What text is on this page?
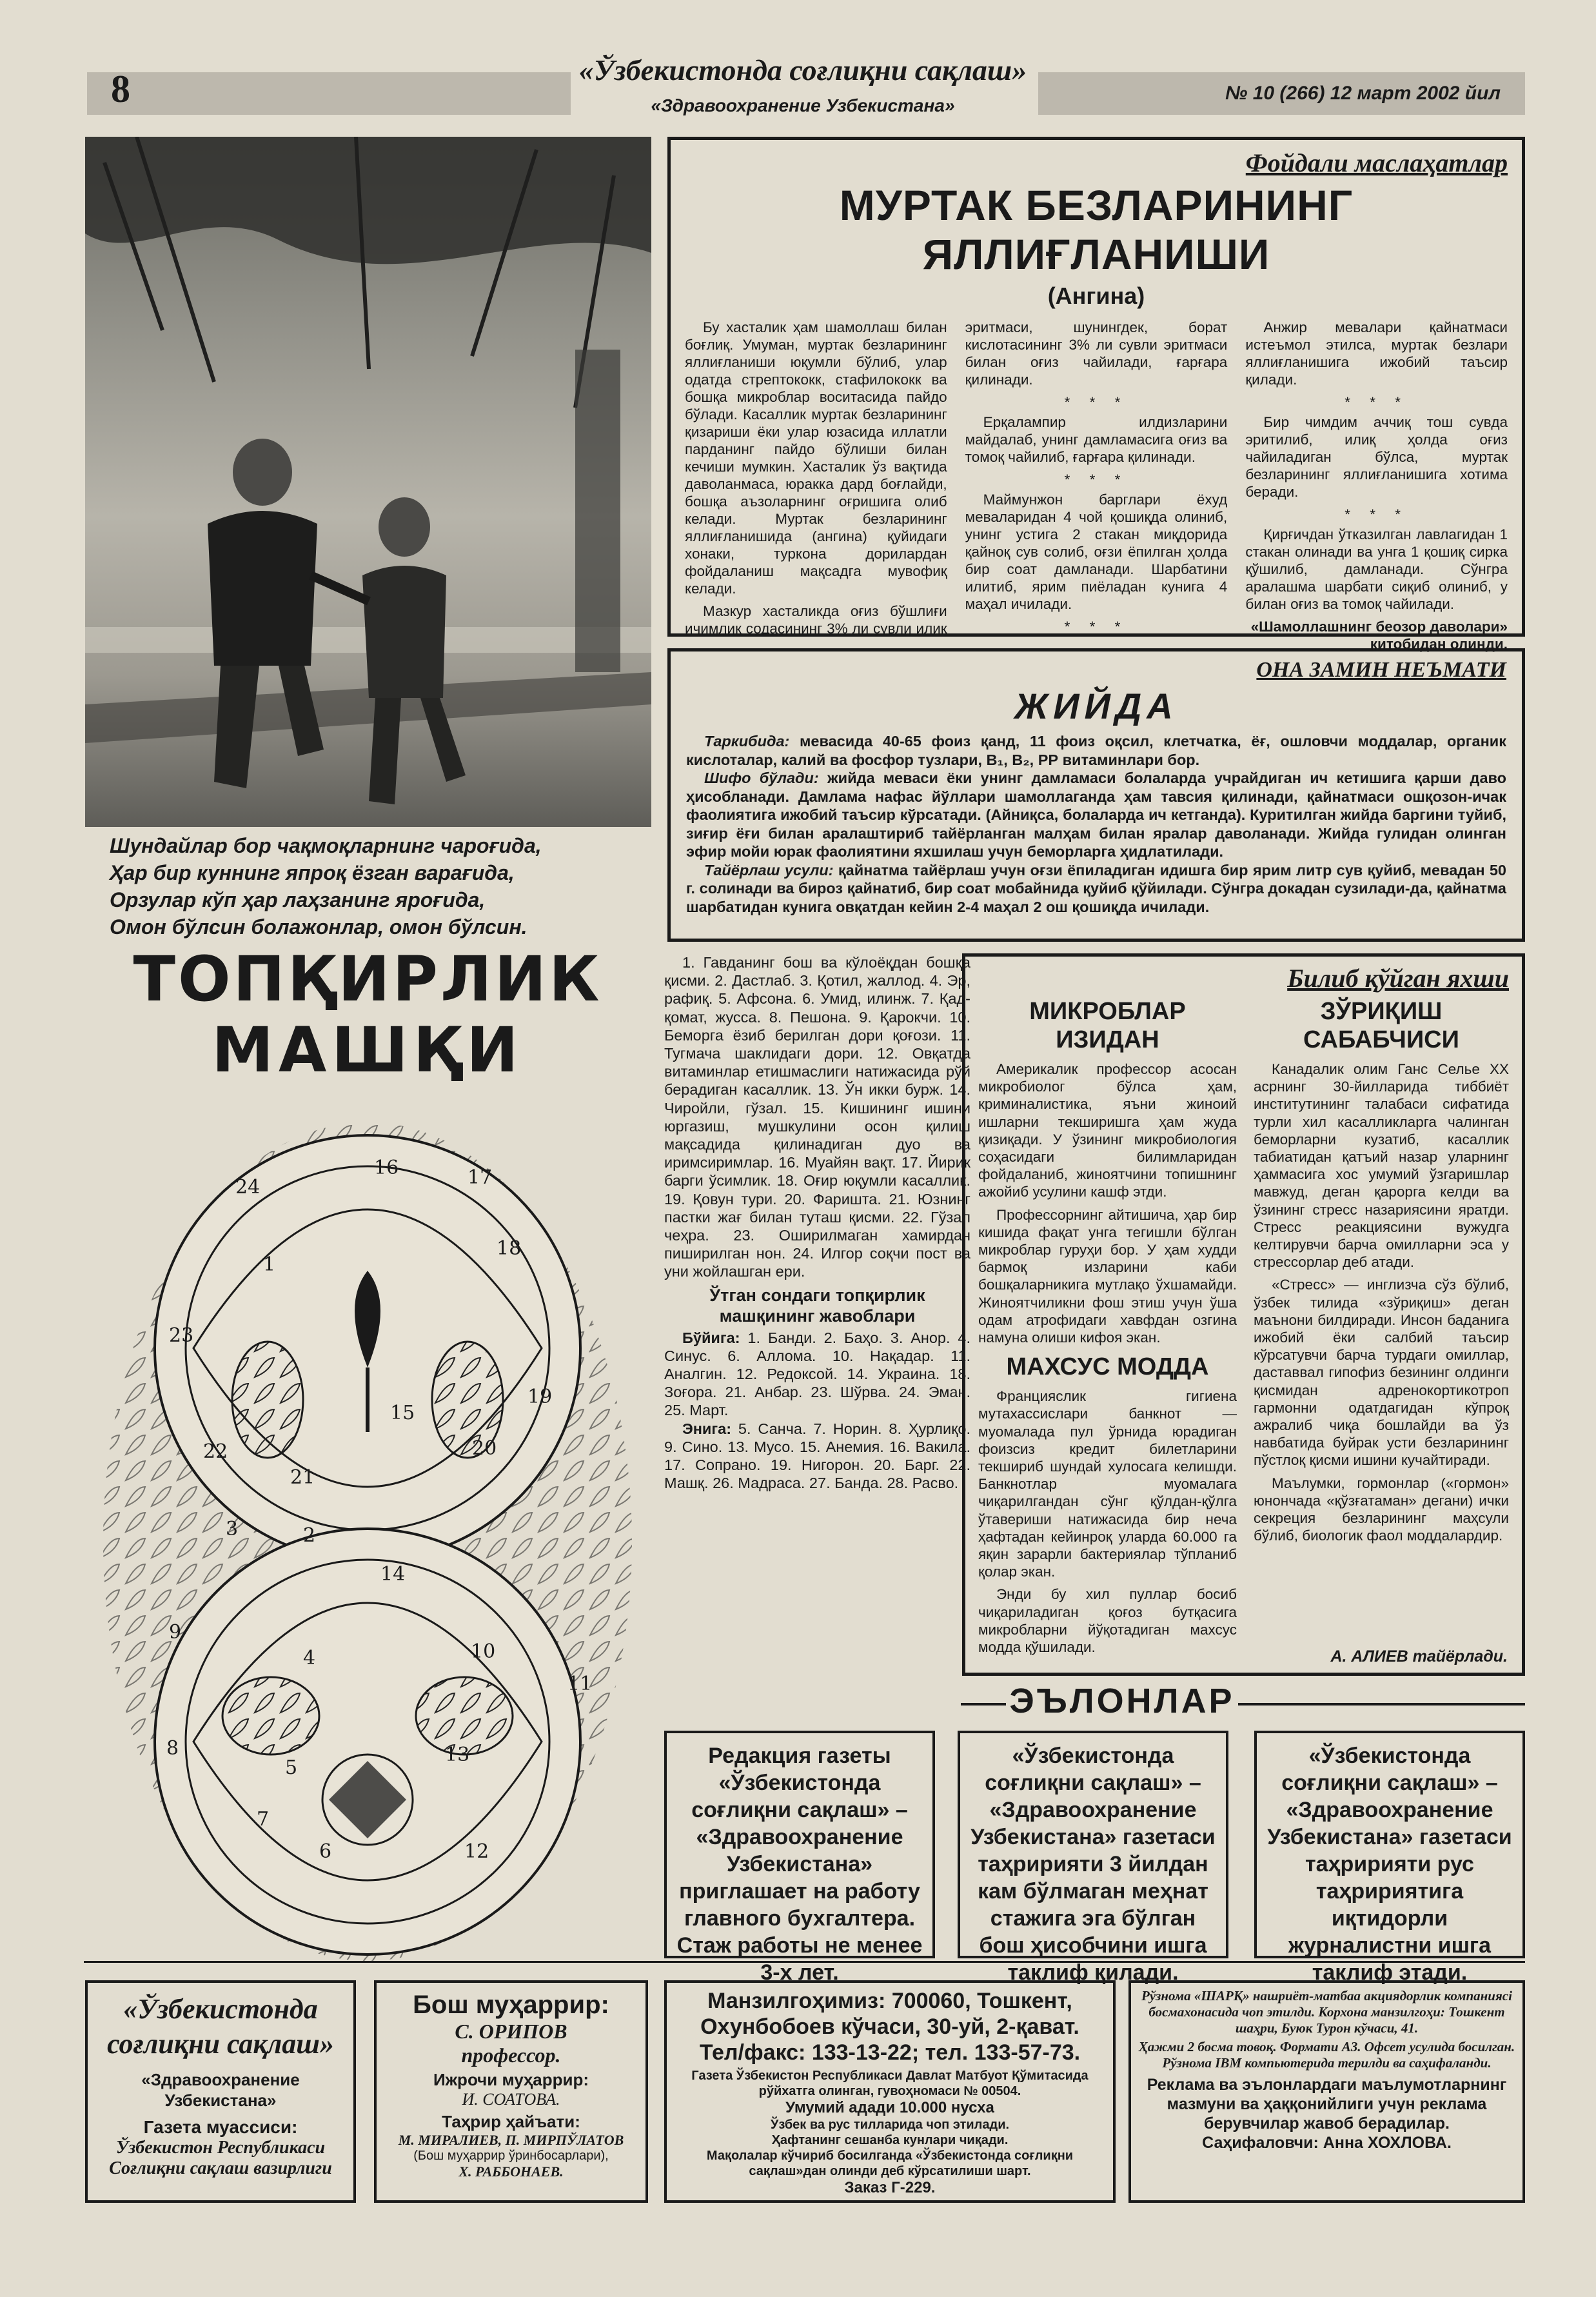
8	«Ўзбекистонда соғлиқни сақлаш»
«Здравоохранение Узбекистана»
№ 10 (266) 12 март 2002 йил
Шундайлар бор чақмоқларнинг чароғида,
Ҳар бир куннинг япроқ ёзган варағида,
Орзулар кўп ҳар лаҳзанинг яроғида,
Омон бўлсин болажонлар, омон бўлсин.
Фойдали маслаҳатлар
МУРТАК БЕЗЛАРИНИНГ ЯЛЛИҒЛАНИШИ
(Ангина)

Бу хасталик ҳам шамоллаш билан боғлиқ. Умуман, муртак безларининг яллиғланиши юқумли бўлиб, улар одатда стрептококк, стафилококк ва бошқа микроблар воситасида пайдо бўлади. Касаллик муртак безларининг қизариши ёки улар юзасида иллатли парданинг пайдо бўлиши билан кечиши мумкин. Хасталик ўз вақтида даволанмаса, юракка дард боғлайди, бошқа аъзоларнинг оғришига олиб келади. Муртак безларининг яллиғланишида (ангина) қуйидаги хонаки, туркона дорилардан фойдаланиш мақсадга мувофиқ келади.

Мазкур хасталикда оғиз бўшлиғи ичимлик содасининг 3% ли сувли илиқ эритмаси, шунингдек, борат кислотасининг 3% ли сувли эритмаси билан оғиз чайилади, ғарғара қилинади.

* * *

Ерқалампир илдизларини майдалаб, унинг дамламасига оғиз ва томоқ чайилиб, ғарғара қилинади.

* * *

Маймунжон барглари ёхуд меваларидан 4 чой қошиқда олиниб, унинг устига 2 стакан миқдорида қайноқ сув солиб, оғзи ёпилган ҳолда бир соат дамланади. Шарбатини илитиб, ярим пиёладан кунига 4 маҳал ичилади.

* * *

Анжир мевалари қайнатмаси истеъмол этилса, муртак безлари яллиғланишига ижобий таъсир қилади.

* * *

Бир чимдим аччиқ тош сувда эритилиб, илиқ ҳолда оғиз чайиладиган бўлса, муртак безларининг яллиғланишига хотима беради.

* * *

Қирғичдан ўтказилган лавлагидан 1 стакан олинади ва унга 1 қошиқ сирка қўшилиб, дамланади. Сўнгра аралашма шарбати сиқиб олиниб, у билан оғиз ва томоқ чайилади.

«Шамоллашнинг беозор даволари» китобидан олинди.
ОНА ЗАМИН НЕЪМАТИ
ЖИЙДА
Таркибида: мевасида 40-65 фоиз қанд, 11 фоиз оқсил, клетчатка, ёғ, ошловчи моддалар, органик кислоталар, калий ва фосфор тузлари, В₁, В₂, РР витаминлари бор.
Шифо бўлади: жийда меваси ёки унинг дамламаси болаларда учрайдиган ич кетишига қарши даво ҳисобланади. Дамлама нафас йўллари шамоллаганда ҳам тавсия қилинади, қайнатмаси ошқозон-ичак фаолиятига ижобий таъсир кўрсатади. (Айниқса, болаларда ич кетганда). Куритилган жийда баргини туйиб, зиғир ёғи билан аралаштириб тайёрланган малҳам билан яралар даволанади. Жийда гулидан олинган эфир мойи юрак фаолиятини яхшилаш учун беморларга ҳидлатилади.
Тайёрлаш усули: қайнатма тайёрлаш учун оғзи ёпиладиган идишга бир ярим литр сув қуйиб, мевадан 50 г. солинади ва бироз қайнатиб, бир соат мобайнида қуйиб қўйилади. Сўнгра докадан сузилади-да, қайнатма шарбатидан кунига овқатдан кейин 2-4 маҳал 2 ош қошиқда ичилади.
ТОПҚИРЛИК
МАШҚИ
1
2
3
4
5
6
7
8
9
10
11
12
13
14
15
16	17
18
19
20
21
22
23
24
1. Гавданинг бош ва кўлоёқдан бошқа қисми. 2. Дастлаб. 3. Қотил, жаллод. 4. Эр, рафиқ. 5. Афсона. 6. Умид, илинж. 7. Қад-қомат, жусса. 8. Пешона. 9. Қарокчи. 10. Беморга ёзиб берилган дори қоғози. 11. Тугмача шаклидаги дори. 12. Овқатда витаминлар етишмаслиги натижасида рўй берадиган касаллик. 13. Ўн икки бурж. 14. Чиройли, гўзал. 15. Кишининг ишини юргазиш, мушкулини осон қилиш мақсадида қилинадиган дуо ва иримсиримлар. 16. Муайян вақт. 17. Йирик барги ўсимлик. 18. Оғир юқумли касаллик. 19. Қовун тури. 20. Фаришта. 21. Юзнинг пастки жағ билан туташ қисми. 22. Гўзал чеҳра. 23. Оширилмаган хамирдан пиширилган нон. 24. Илгор соқчи пост ва уни жойлашган ери.
Ўтган сондаги топқирлик машқининг жавоблари
Бўйига: 1. Банди. 2. Баҳо. 3. Анор. 4. Синус. 6. Аллома. 10. Нақадар. 11. Аналгин. 12. Редоксой. 14. Украина. 18. Зоғора. 21. Анбар. 23. Шўрва. 24. Эман. 25. Март.
Энига: 5. Санча. 7. Норин. 8. Ҳурлиқо. 9. Сино. 13. Мусо. 15. Анемия. 16. Вакила. 17. Сопрано. 19. Нигорон. 20. Барг. 22. Машқ. 26. Мадраса. 27. Банда. 28. Расво.
Билиб қўйган яхши
МИКРОБЛАР ИЗИДАН

Америкалик профессор асосан микробиолог бўлса ҳам, криминалистика, яъни жиноий ишларни текширишга ҳам жуда қизиқади. У ўзининг микробиология соҳасидаги билимларидан фойдаланиб, жиноятчини топишнинг ажойиб усулини кашф этди.

Профессорнинг айтишича, ҳар бир кишида фақат унга тегишли бўлган микроблар гуруҳи бор. У ҳам худди бармоқ изларини каби бошқаларникига мутлақо ўхшамайди. Жиноятчиликни фош этиш учун ўша одам атрофидаги хавфдан озгина намуна олиши кифоя экан.

МАХСУС МОДДА

Францияслик гигиена мутахассислари банкнот — муомалада пул ўрнида юрадиган фоизсиз кредит билетларини текшириб шундай хулосага келишди. Банкнотлар муомалага чиқарилгандан сўнг қўлдан-қўлга ўтавериши натижасида бир неча ҳафтадан кейинроқ уларда 60.000 га яқин зарарли бактериялар тўпланиб қолар экан.

Энди бу хил пуллар босиб чиқариладиган қоғоз бутқасига микробларни йўқотадиган махсус модда қўшилади.

ЗЎРИҚИШ САБАБЧИСИ

Канадалик олим Ганс Селье XX асрнинг 30-йилларида тиббиёт институтининг талабаси сифатида турли хил касалликларга чалинган беморларни кузатиб, касаллик табиатидан қатъий назар уларнинг ҳаммасига хос умумий ўзгаришлар мавжуд, деган қарорга келди ва ўзининг стресс назариясини яратди. Стресс реакциясини вужудга келтирувчи барча омилларни эса у стрессорлар деб атади.

«Стресс» — инглизча сўз бўлиб, ўзбек тилида «зўриқиш» деган маънони билдиради. Инсон баданига ижобий ёки салбий таъсир кўрсатувчи барча турдаги омиллар, даставвал гипофиз безининг олдинги қисмидан адренокортикотроп гармонни одатдагидан кўпроқ ажралиб чиқа бошлайди ва ўз навбатида буйрак усти безларининг пўстлоқ қисми ишини кучайтиради.

Маълумки, гормонлар («гормон» юнончада «қўзғатаман» дегани) ички секреция безларининг маҳсули бўлиб, биологик фаол моддалардир.

А. АЛИЕВ тайёрлади.
ЭЪЛОНЛАР
Редакция газеты «Ўзбекистонда соғлиқни сақлаш» – «Здравоохранение Узбекистана» приглашает на работу главного бухгалтера. Стаж работы не менее 3-х лет.
«Ўзбекистонда соғлиқни сақлаш» – «Здравоохранение Узбекистана» газетаси таҳририяти 3 йилдан кам бўлмаган меҳнат стажига эга бўлган бош ҳисобчини ишга таклиф қилади.
«Ўзбекистонда соғлиқни сақлаш» – «Здравоохранение Узбекистана» газетаси таҳририяти рус таҳририятига иқтидорли журналистни ишга таклиф этади.
«Ўзбекистонда соғлиқни сақлаш»
«Здравоохранение Узбекистана»
Газета муассиси:
Ўзбекистон Республикаси Соғлиқни сақлаш вазирлиги
Бош муҳаррир:
С. ОРИПОВ
профессор.
Ижрочи муҳаррир:
И. СОАТОВА.
Таҳрир ҳайъати:
М. МИРАЛИЕВ, П. МИРПЎЛАТОВ
(Бош муҳаррир ўринбосарлари),
Х. РАББОНАЕВ.
Манзилгоҳимиз: 700060, Тошкент, Охунбобоев кўчаси, 30-уй, 2-қават.
Тел/факс: 133-13-22; тел. 133-57-73.
Газета Ўзбекистон Республикаси Давлат Матбуот Қўмитасида рўйхатга олинган, гувоҳномаси № 00504.
Умумий адади 10.000 нусха
Ўзбек ва рус тилларида чоп этилади.
Ҳафтанинг сешанба кунлари чиқади.
Мақолалар кўчириб босилганда «Ўзбекистонда соғлиқни сақлаш»дан олинди деб кўрсатилиши шарт.
Заказ Г-229.
Рўзнома «ШАРҚ» нашриёт-матбаа акциядорлик компаниясi босмахонасида чоп этилди. Корхона манзилгоҳи: Тошкент шаҳри, Буюк Турон кўчаси, 41.
Ҳажми 2 босма товоқ. Формати А3. Офсет усулида босилган. Рўзнома IBM компьютерида терилди ва саҳифаланди.
Реклама ва эълонлардаги маълумотларнинг мазмуни ва ҳаққонийлиги учун реклама берувчилар жавоб берадилар.
Саҳифаловчи: Анна ХОХЛОВА.
